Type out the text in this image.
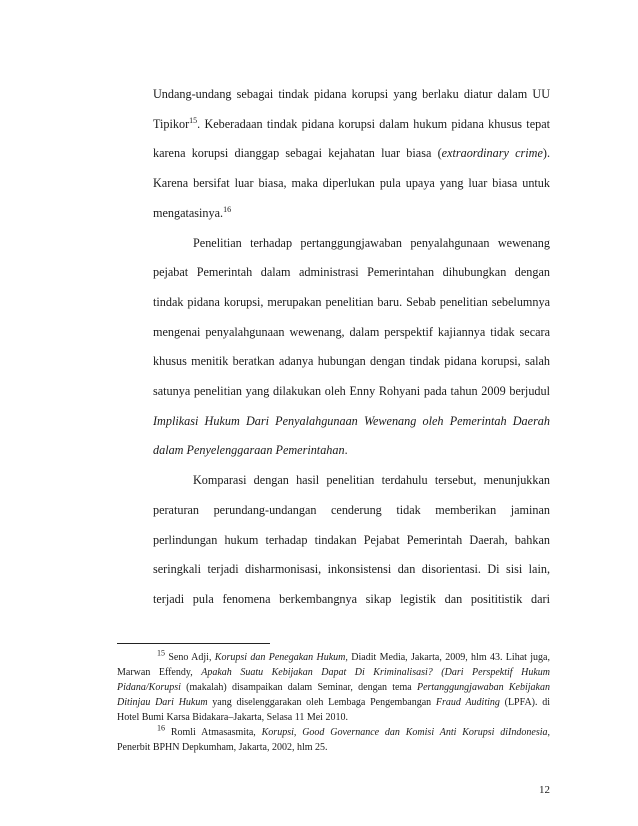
Undang-undang sebagai tindak pidana korupsi yang berlaku diatur dalam UU Tipikor$^{15}$. Keberadaan tindak pidana korupsi dalam hukum pidana khusus tepat karena korupsi dianggap sebagai kejahatan luar biasa (extraordinary crime). Karena bersifat luar biasa, maka diperlukan pula upaya yang luar biasa untuk mengatasinya.$^{16}$

Penelitian terhadap pertanggungjawaban penyalahgunaan wewenang pejabat Pemerintah dalam administrasi Pemerintahan dihubungkan dengan tindak pidana korupsi, merupakan penelitian baru. Sebab penelitian sebelumnya mengenai penyalahgunaan wewenang, dalam perspektif kajiannya tidak secara khusus menitik beratkan adanya hubungan dengan tindak pidana korupsi, salah satunya penelitian yang dilakukan oleh Enny Rohyani pada tahun 2009 berjudul Implikasi Hukum Dari Penyalahgunaan Wewenang oleh Pemerintah Daerah dalam Penyelenggaraan Pemerintahan.

Komparasi dengan hasil penelitian terdahulu tersebut, menunjukkan peraturan perundang-undangan cenderung tidak memberikan jaminan perlindungan hukum terhadap tindakan Pejabat Pemerintah Daerah, bahkan seringkali terjadi disharmonisasi, inkonsistensi dan disorientasi. Di sisi lain, terjadi pula fenomena berkembangnya sikap legistik dan posititistik dari

$^{15}$ Seno Adji, Korupsi dan Penegakan Hukum, Diadit Media, Jakarta, 2009, hlm 43. Lihat juga, Marwan Effendy, Apakah Suatu Kebijakan Dapat Di Kriminalisasi? (Dari Perspektif Hukum Pidana/Korupsi (makalah) disampaikan dalam Seminar, dengan tema Pertanggungjawaban Kebijakan Ditinjau Dari Hukum yang diselenggarakan oleh Lembaga Pengembangan Fraud Auditing (LPFA). di Hotel Bumi Karsa Bidakara–Jakarta, Selasa 11 Mei 2010.

$^{16}$ Romli Atmasasmita, Korupsi, Good Governance dan Komisi Anti Korupsi diIndonesia, Penerbit BPHN Depkumham, Jakarta, 2002, hlm 25.

12
